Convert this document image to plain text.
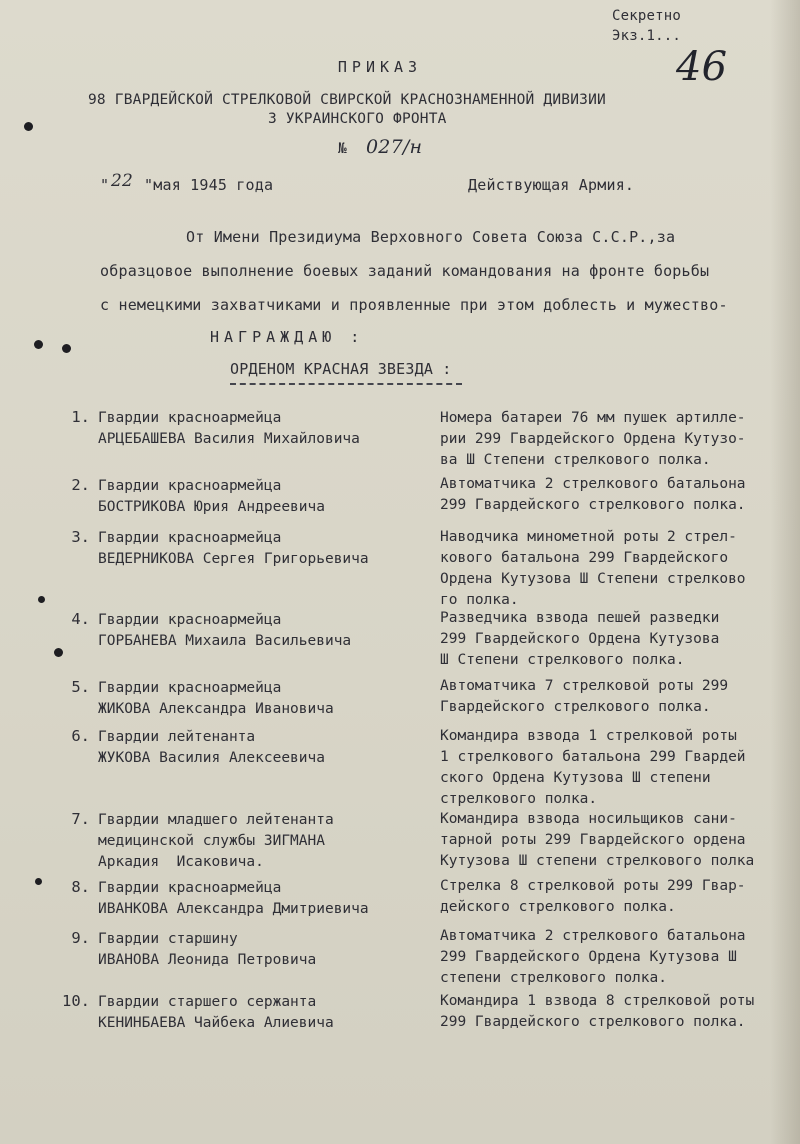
Секретно
Экз.1...
46
ПРИКАЗ
98 ГВАРДЕЙСКОЙ СТРЕЛКОВОЙ СВИРСКОЙ КРАСНОЗНАМЕННОЙ ДИВИЗИИ
3 УКРАИНСКОГО ФРОНТА
№ 027/н
" 22 "мая 1945 года	Действующая Армия.
От Имени Президиума Верховного Совета Союза С.С.Р.,за
образцовое выполнение боевых заданий командования на фронте борьбы
с немецкими захватчиками и проявленные при этом доблесть и мужество-
НАГРАЖДАЮ :
ОРДЕНОМ КРАСНАЯ ЗВЕЗДА :
1. Гвардии красноармейца
АРЦЕБАШЕВА Василия Михайловича
Номера батареи 76 мм пушек артилле-
рии 299 Гвардейского Ордена Кутузо-
ва Ш Степени стрелкового полка.
2. Гвардии красноармейца
БОСТРИКОВА Юрия Андреевича
Автоматчика 2 стрелкового батальона
299 Гвардейского стрелкового полка.
3. Гвардии красноармейца
ВЕДЕРНИКОВА Сергея Григорьевича
Наводчика минометной роты 2 стрел-
кового батальона 299 Гвардейского
Ордена Кутузова Ш Степени стрелково
го полка.
4. Гвардии красноармейца
ГОРБАНЕВА Михаила Васильевича
Разведчика взвода пешей разведки
299 Гвардейского Ордена Кутузова
Ш Степени стрелкового полка.
5. Гвардии красноармейца
ЖИКОВА Александра Ивановича
Автоматчика 7 стрелковой роты 299
Гвардейского стрелкового полка.
6. Гвардии лейтенанта
ЖУКОВА Василия Алексеевича
Командира взвода 1 стрелковой роты
1 стрелкового батальона 299 Гвардей
ского Ордена Кутузова Ш степени
стрелкового полка.
7. Гвардии младшего лейтенанта
медицинской службы ЗИГМАНА
Аркадия  Исаковича.
Командира взвода носильщиков сани-
тарной роты 299 Гвардейского ордена
Кутузова Ш степени стрелкового полка
8. Гвардии красноармейца
ИВАНКОВА Александра Дмитриевича
Стрелка 8 стрелковой роты 299 Гвар-
дейского стрелкового полка.
9. Гвардии старшину
ИВАНОВА Леонида Петровича
Автоматчика 2 стрелкового батальона
299 Гвардейского Ордена Кутузова Ш
степени стрелкового полка.
10. Гвардии старшего сержанта
КЕНИНБАЕВА Чайбека Алиевича
Командира 1 взвода 8 стрелковой роты
299 Гвардейского стрелкового полка.
